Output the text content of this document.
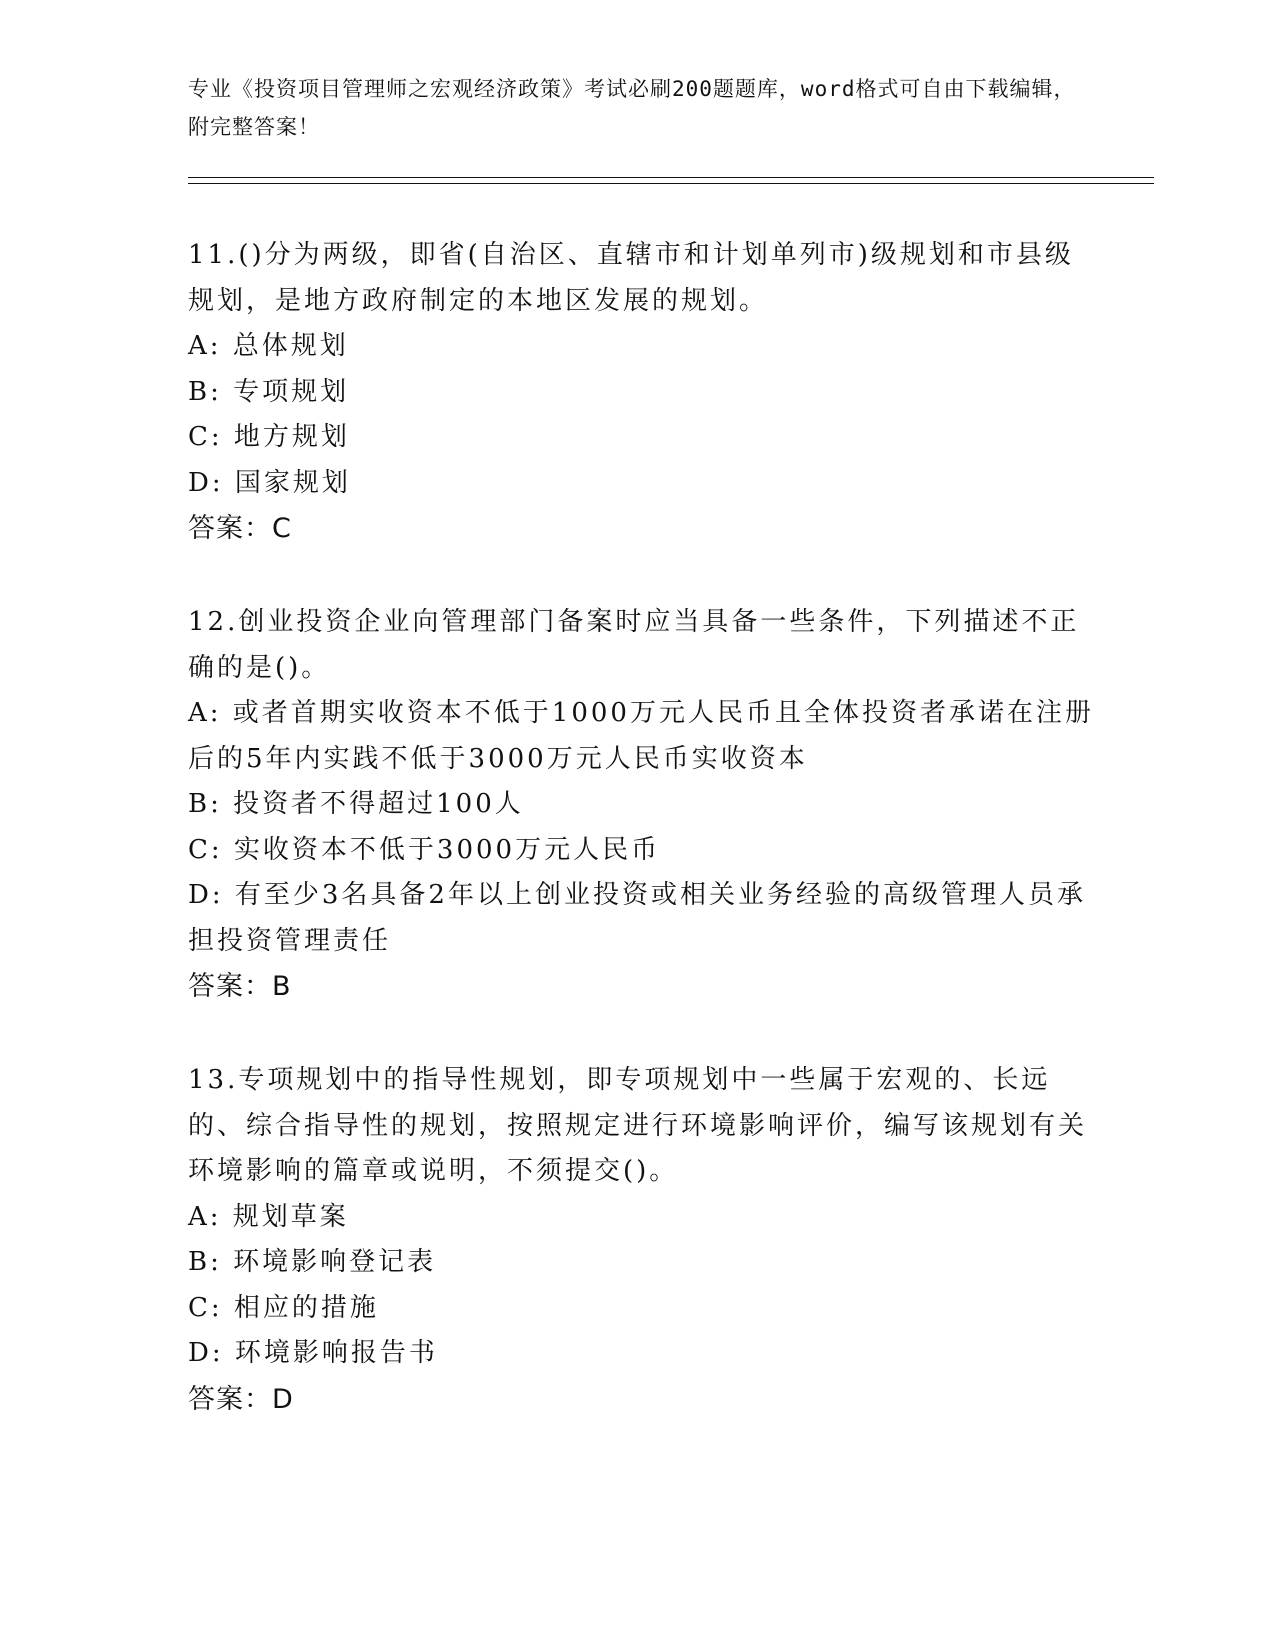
专业《投资项目管理师之宏观经济政策》考试必刷200题题库，word格式可自由下载编辑，附完整答案！

11.()分为两级，即省(自治区、直辖市和计划单列市)级规划和市县级规划，是地方政府制定的本地区发展的规划。

A: 总体规划

B: 专项规划

C: 地方规划

D: 国家规划

答案：C

12.创业投资企业向管理部门备案时应当具备一些条件，下列描述不正确的是()。

A: 或者首期实收资本不低于1000万元人民币且全体投资者承诺在注册后的5年内实践不低于3000万元人民币实收资本

B: 投资者不得超过100人

C: 实收资本不低于3000万元人民币

D: 有至少3名具备2年以上创业投资或相关业务经验的高级管理人员承担投资管理责任

答案：B

13.专项规划中的指导性规划，即专项规划中一些属于宏观的、长远的、综合指导性的规划，按照规定进行环境影响评价，编写该规划有关环境影响的篇章或说明，不须提交()。

A: 规划草案

B: 环境影响登记表

C: 相应的措施

D: 环境影响报告书

答案：D
